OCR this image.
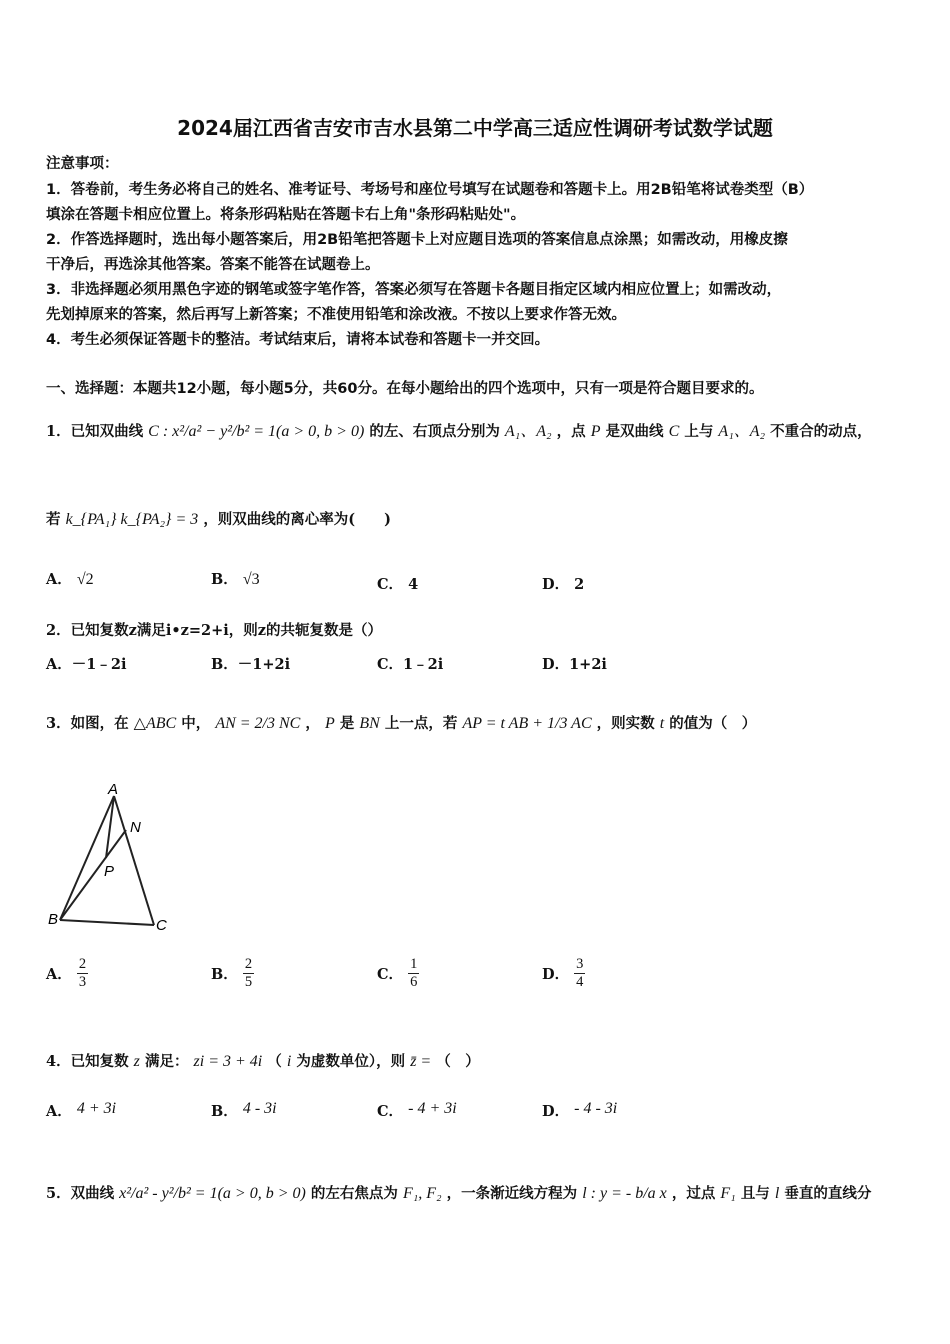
2024届江西省吉安市吉水县第二中学高三适应性调研考试数学试题
注意事项：
1．答卷前，考生务必将自己的姓名、准考证号、考场号和座位号填写在试题卷和答题卡上。用2B铅笔将试卷类型（B）
填涂在答题卡相应位置上。将条形码粘贴在答题卡右上角"条形码粘贴处"。
2．作答选择题时，选出每小题答案后，用2B铅笔把答题卡上对应题目选项的答案信息点涂黑；如需改动，用橡皮擦
干净后，再选涂其他答案。答案不能答在试题卷上。
3．非选择题必须用黑色字迹的钢笔或签字笔作答，答案必须写在答题卡各题目指定区域内相应位置上；如需改动，
先划掉原来的答案，然后再写上新答案；不准使用铅笔和涂改液。不按以上要求作答无效。
4．考生必须保证答题卡的整洁。考试结束后，请将本试卷和答题卡一并交回。
一、选择题：本题共12小题，每小题5分，共60分。在每小题给出的四个选项中，只有一项是符合题目要求的。
1．已知双曲线 C : x²/a² − y²/b² = 1(a > 0, b > 0) 的左、右顶点分别为 A₁、A₂ ，点 P 是双曲线 C 上与 A₁、A₂ 不重合的动点，
若 k_{PA₁} k_{PA₂} = 3 ，则双曲线的离心率为(　　)
A． √2	B． √3	C． 4	D． 2
2．已知复数z满足i•z=2+i，则z的共轭复数是（）
A．－1﹣2i	B．－1+2i	C．1﹣2i	D．1+2i
3．如图，在 △ABC 中， AN = 2/3 NC ， P 是 BN 上一点，若 AP = t AB + 1/3 AC ，则实数 t 的值为（　）
A
N
P
B	C
A． $\frac{2}{3}$	B． $\frac{2}{5}$	C． $\frac{1}{6}$	D． $\frac{3}{4}$
4．已知复数 z 满足： zi = 3 + 4i （ i 为虚数单位），则 z̄ = （　）
A． 4 + 3i	B． 4 - 3i	C． - 4 + 3i	D． - 4 - 3i
5．双曲线 x²/a² - y²/b² = 1(a > 0, b > 0) 的左右焦点为 F₁, F₂ ，一条渐近线方程为 l : y = - b/a x ，过点 F₁ 且与 l 垂直的直线分
